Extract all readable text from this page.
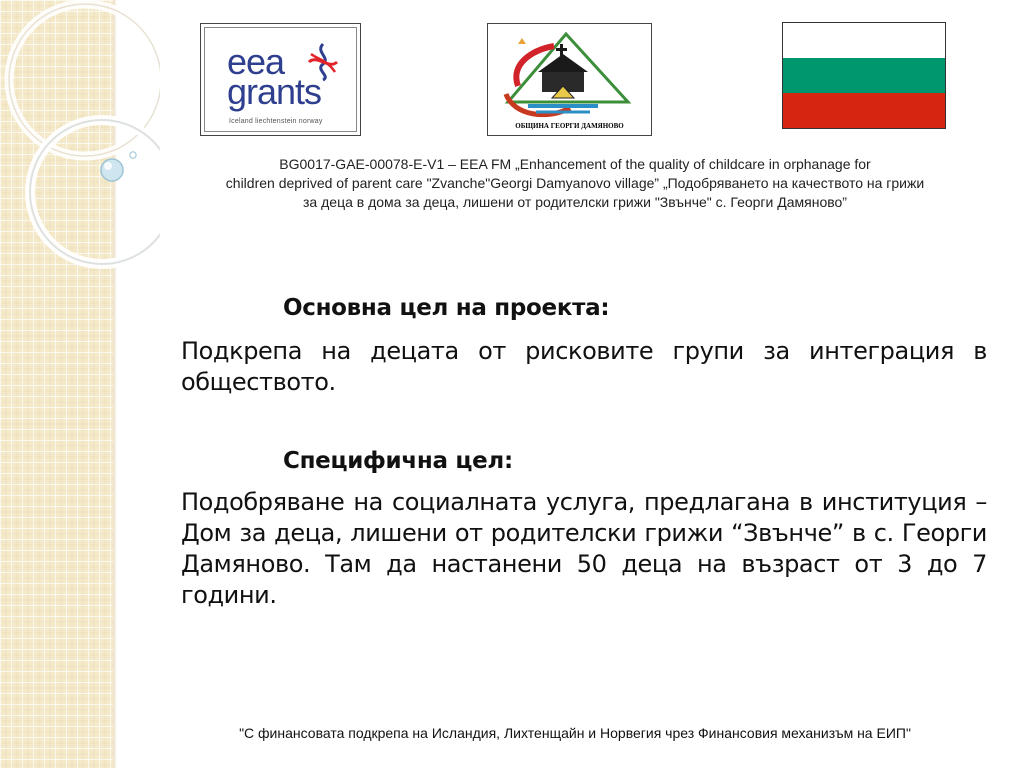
eea
grants
Iceland liechtenstein norway
ОБЩИНА ГЕОРГИ ДАМЯНОВО
BG0017-GAE-00078-E-V1 – EEA FM „Enhancement of the quality of childcare in orphanage for
children deprived of parent care "Zvanche"Georgi Damyanovo village” „Подобряването на качеството на грижи
за деца в дома за деца, лишени от родителски грижи "Звънче" с. Георги Дамяново”
Основна цел на проекта:
Подкрепа на децата от рисковите групи за интеграция в обществото.
Специфична цел:
Подобряване на социалната услуга, предлагана в институция – Дом за деца, лишени от родителски грижи “Звънче” в с. Георги Дамяново. Там да настанени 50 деца на възраст от 3 до 7 години.
"С финансовата подкрепа на Исландия, Лихтенщайн и Норвегия чрез Финансовия механизъм на ЕИП"
